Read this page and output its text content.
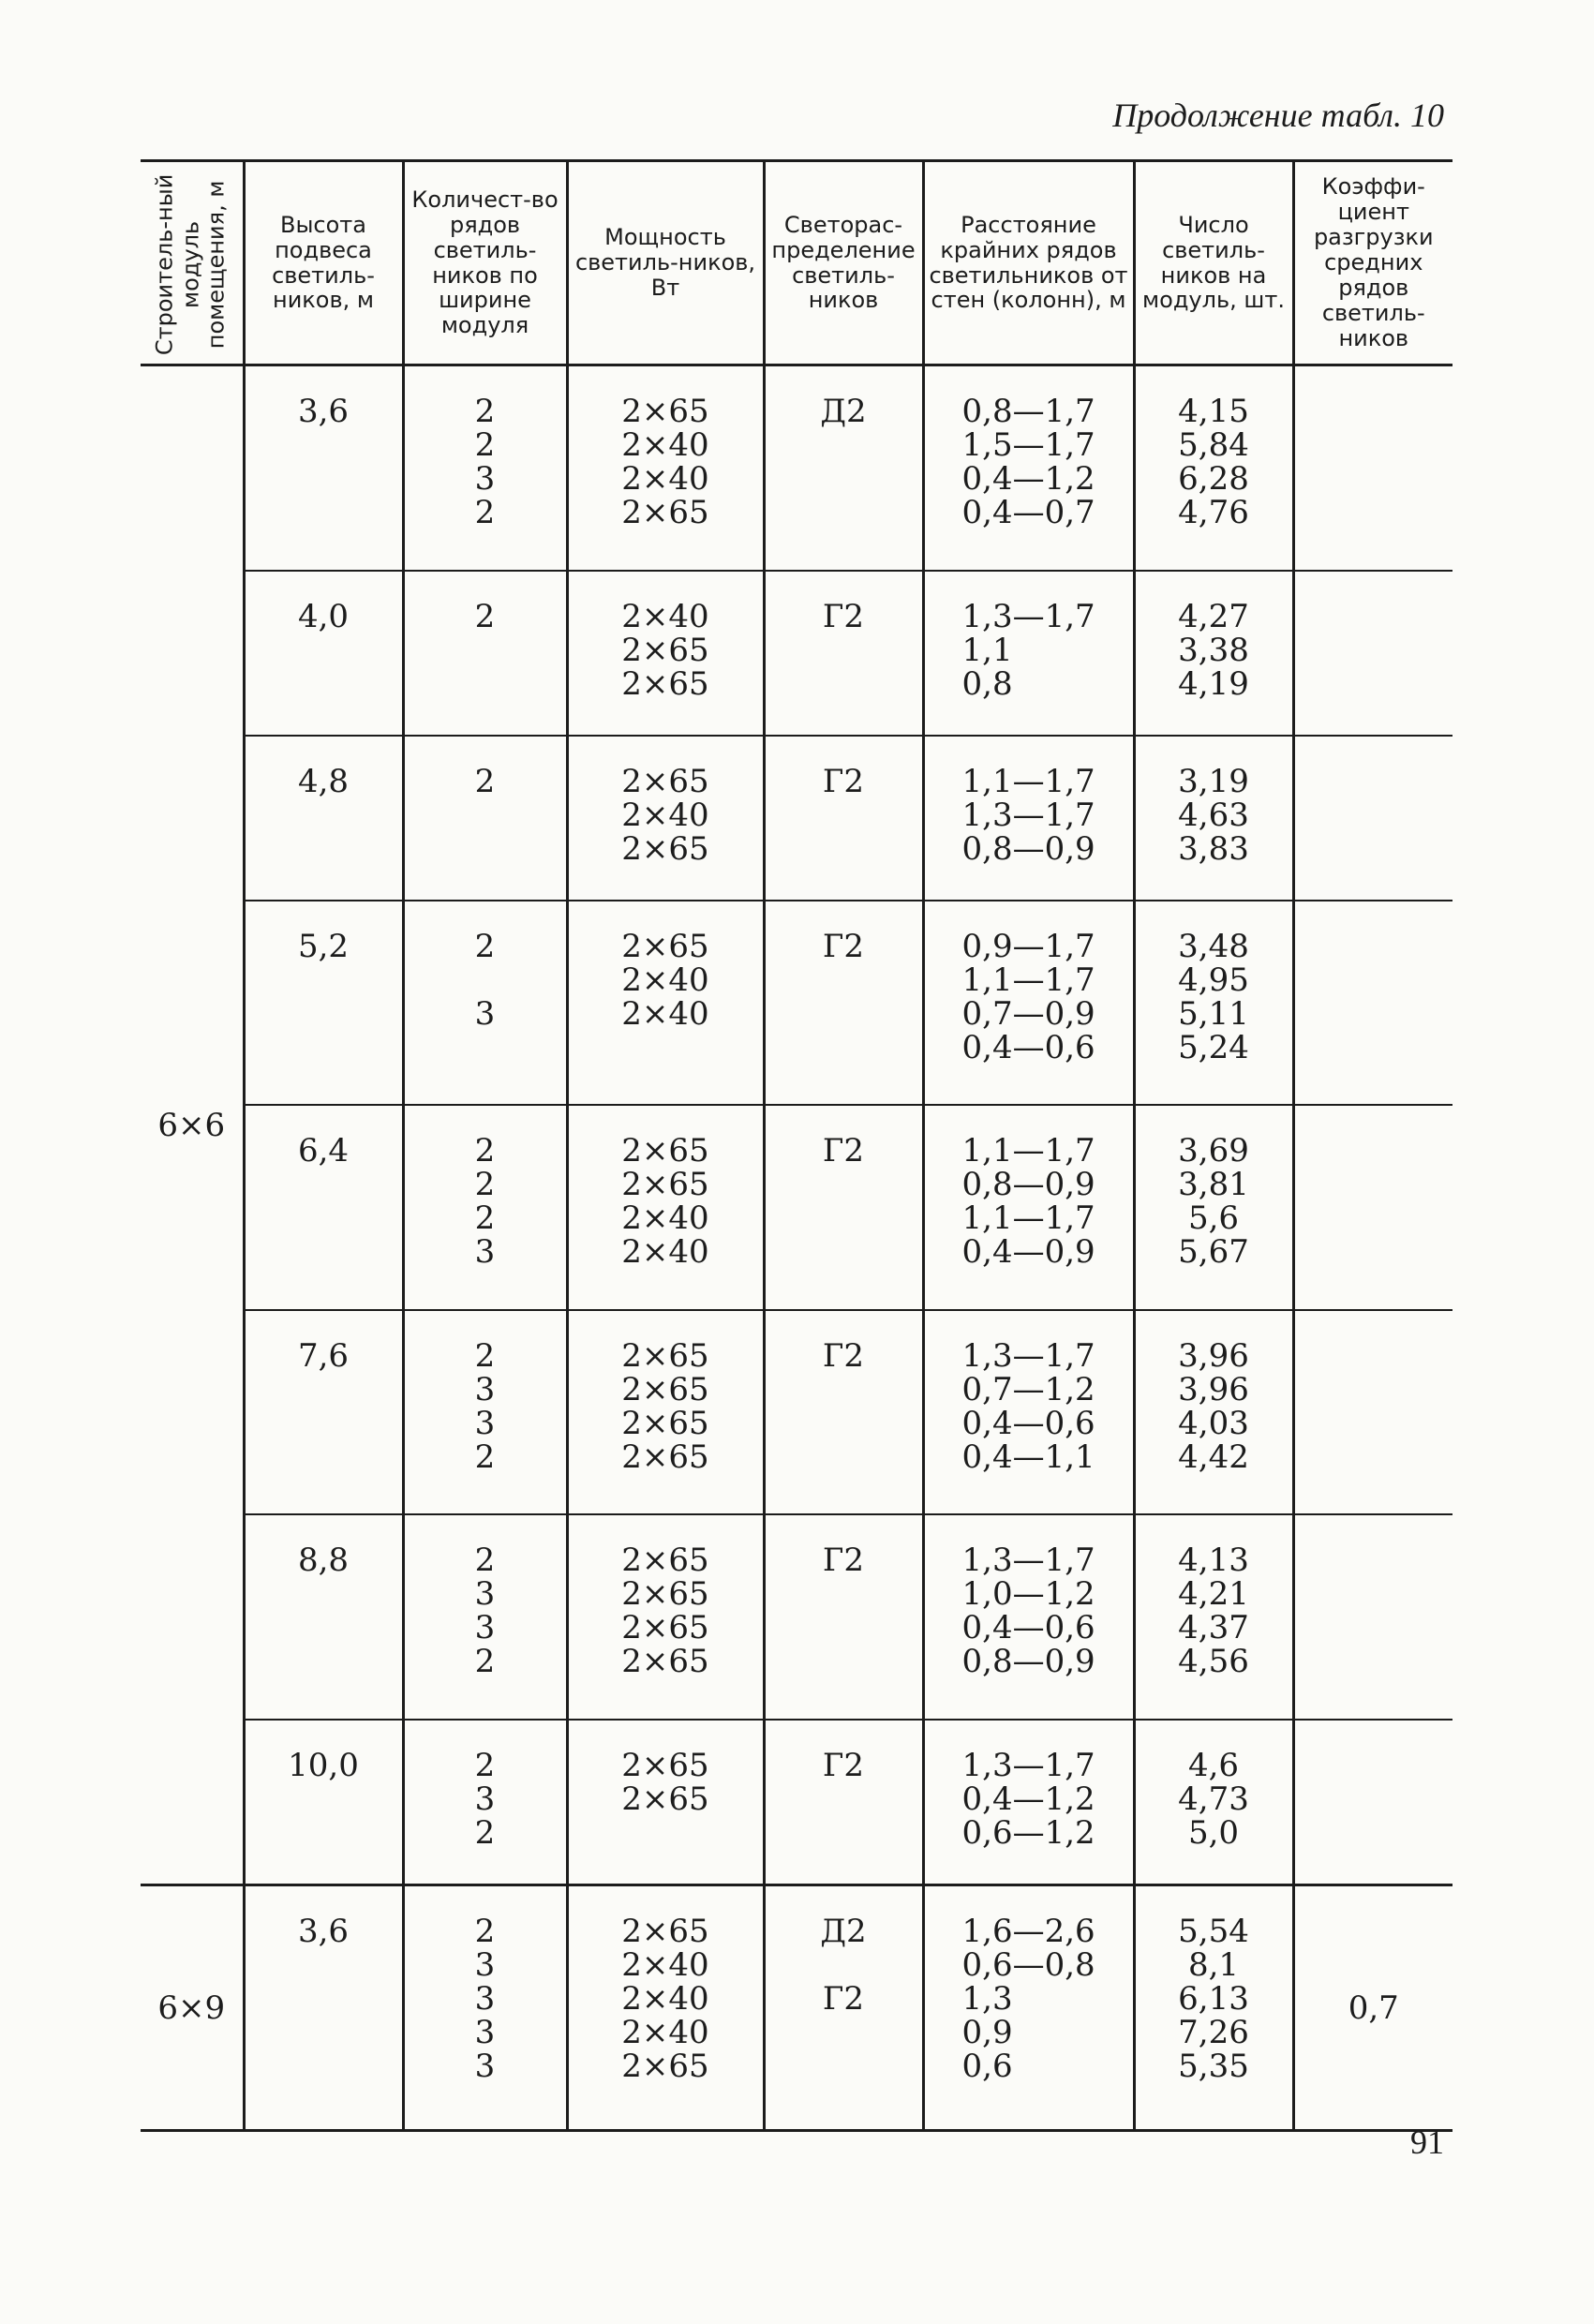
Продолжение табл. 10
Строитель-ный модуль помещения, м	Высота подвеса светиль-ников, м	Количест-во рядов светиль-ников по ширине модуля	Мощность светиль-ников, Вт	Светорас-пределение светиль-ников	Расстояние крайних рядов светильников от стен (колонн), м	Число светиль-ников на модуль, шт.	Коэффи-циент разгрузки средних рядов светиль-ников
6×6	3,6	2
2
3
2	2×65
2×40
2×40
2×65	Д2	0,8—1,7
1,5—1,7
0,4—1,2
0,4—0,7	4,15
5,84
6,28
4,76	
	4,0	2	2×40
2×65
2×65	Г2	1,3—1,7
1,1
0,8	4,27
3,38
4,19	
	4,8	2	2×65
2×40
2×65	Г2	1,1—1,7
1,3—1,7
0,8—0,9	3,19
4,63
3,83	
	5,2	2

3	2×65
2×40
2×40	Г2	0,9—1,7
1,1—1,7
0,7—0,9
0,4—0,6	3,48
4,95
5,11
5,24	
	6,4	2
2
2
3	2×65
2×65
2×40
2×40	Г2	1,1—1,7
0,8—0,9
1,1—1,7
0,4—0,9	3,69
3,81
5,6
5,67	
	7,6	2
3
3
2	2×65
2×65
2×65
2×65	Г2	1,3—1,7
0,7—1,2
0,4—0,6
0,4—1,1	3,96
3,96
4,03
4,42	
	8,8	2
3
3
2	2×65
2×65
2×65
2×65	Г2	1,3—1,7
1,0—1,2
0,4—0,6
0,8—0,9	4,13
4,21
4,37
4,56	
	10,0	2
3
2	2×65
2×65	Г2	1,3—1,7
0,4—1,2
0,6—1,2	4,6
4,73
5,0	
6×9	3,6	2
3
3
3
3	2×65
2×40
2×40
2×40
2×65	Д2

Г2	1,6—2,6
0,6—0,8
1,3
0,9
0,6	5,54
8,1
6,13
7,26
5,35	0,7
91
